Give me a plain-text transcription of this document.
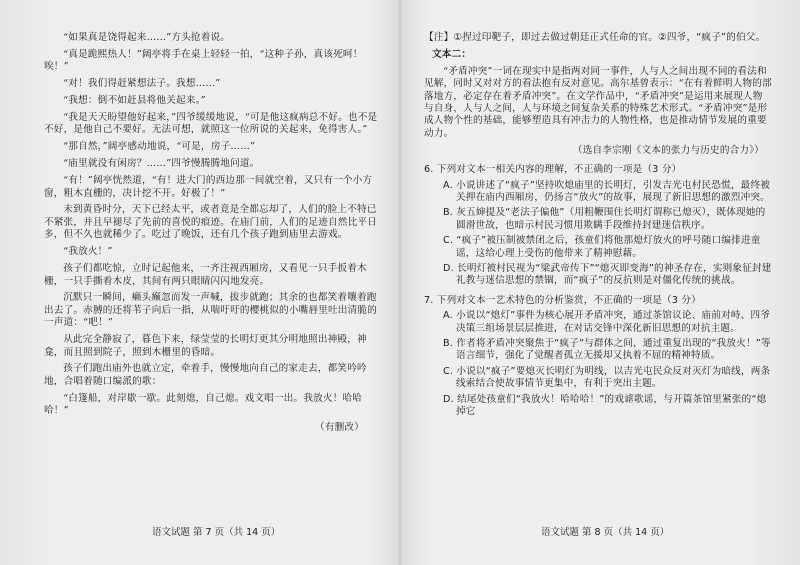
“如果真是饶得起来……”方头抢着说。

“真是跪熙热人！”阔亭将手在桌上轻轻一拍，“这种子孙，真该死呵！唉！”

“对！我们得赶紧想法子。我想……”

“我想：倒不如赶县将他关起来。”

“我是天天盼望他好起来，”四爷缓缓地说，“可是他这疯病总不好。也不是不好，是他自己不要好。无法可想，就照这一位所说的关起来，免得害人。”

“那自然，”阔亭感动地说，“可是，房子……”

“庙里就没有闲房？……”四爷慢腾腾地问道。

“有！”阔亭恍然道，“有！进大门的西边那一间就空着，又只有一个小方窗，粗木直栅的，决计挖不开。好极了！”

未到黄昏时分，天下已经太平，或者竟是全都忘却了，人们的脸上不特已不紧张，并且早褪尽了先前的喜悦的痕迹。在庙门前，人们的足迹自然比平日多，但不久也就稀少了。吃过了晚饭，还有几个孩子跑到庙里去游戏。

“我放火！”

孩子们都吃惊，立时记起他来，一齐注视西厢房，又看见一只手扳着木栅，一只手撕着木皮，其间有两只眼睛闪闪地发亮。

沉默只一瞬间，癞头癫忽而发一声喊，拔步就跑；其余的也都笑着嚷着跑出去了。赤膊的还将苇子向后一指，从喘吁吁的樱桃似的小嘴唇里吐出清脆的一声道：“吧！”

从此完全静寂了，暮色下来，绿莹莹的长明灯更其分明地照出神殿，神龛，而且照到院子，照到木栅里的昏暗。

孩子们跑出庙外也就立定，牵着手，慢慢地向自己的家走去，都笑吟吟地，合唱着随口编派的歌：

“白篷船，对岸歇一歇。此刻熄，自己熄。戏文唱一出。我放火！哈哈哈！”

（有删改）

语文试题 第 7 页（共 14 页）

【注】①捏过印靶子，即过去做过朝廷正式任命的官。②四爷，“疯子”的伯父。

文本二：

“矛盾冲突”一词在现实中是指两对同一事件，人与人之间出现不同的看法和见解，同时又对对方的看法抱有反对意见。高尔基曾表示：“在有着鲜明人物的部落地方，必定存在着矛盾冲突”。在文学作品中，“矛盾冲突”是运用来展现人物与自身，人与人之间，人与环境之间复杂关系的特殊艺术形式。“矛盾冲突”是形成人物个性的基础，能够塑造具有冲击力的人物性格，也是推动情节发展的重要动力。

（选自李宗刚《文本的张力与历史的合力》）

6. 下列对文本一相关内容的理解，不正确的一项是（3 分）

A. 小说讲述了“疯子”坚持吹熄庙里的长明灯，引发吉光屯村民恐慌，最终被关押在庙内西厢房，仍扬言“放火”的故事，展现了新旧思想的激烈冲突。

B. 灰五婶提及“老法子偏他”（用粗鞭围住长明灯谓称已熄灭），既体现她的圆滑世故，也暗示村民习惯用欺瞒手段维持封建迷信秩序。

C. “疯子”被压制被禁闭之后，孩童们将他那熄灯放火的呼号随口编排进童谣，这给心理上受伤的他带来了精神慰藉。

D. 长明灯被村民视为“梁武帝传下”“熄灭即变海”的神圣存在，实则象征封建礼教与迷信思想的禁锢，而“疯子”的反抗则是对僵化传统的挑战。

7. 下列对文本一艺术特色的分析鉴赏，不正确的一项是（3 分）

A. 小说以“熄灯”事件为核心展开矛盾冲突，通过茶馆议论、庙前对峙、四爷决策三组场景层层推进，在对话交锋中深化新旧思想的对抗主题。

B. 作者将矛盾冲突聚焦于“疯子”与群体之间，通过重复出现的“我放火！”等语言细节，强化了觉醒者孤立无援却又执着不屈的精神特质。

C. 小说以“疯子”要熄灭长明灯为明线，以吉光屯民众反对灭灯为暗线，两条线索结合使故事情节更集中，有利于突出主题。

D. 结尾处孩童们“我放火！哈哈哈！”的戏谑歌谣，与开篇茶馆里紧张的“熄掉它

语文试题 第 8 页（共 14 页）
